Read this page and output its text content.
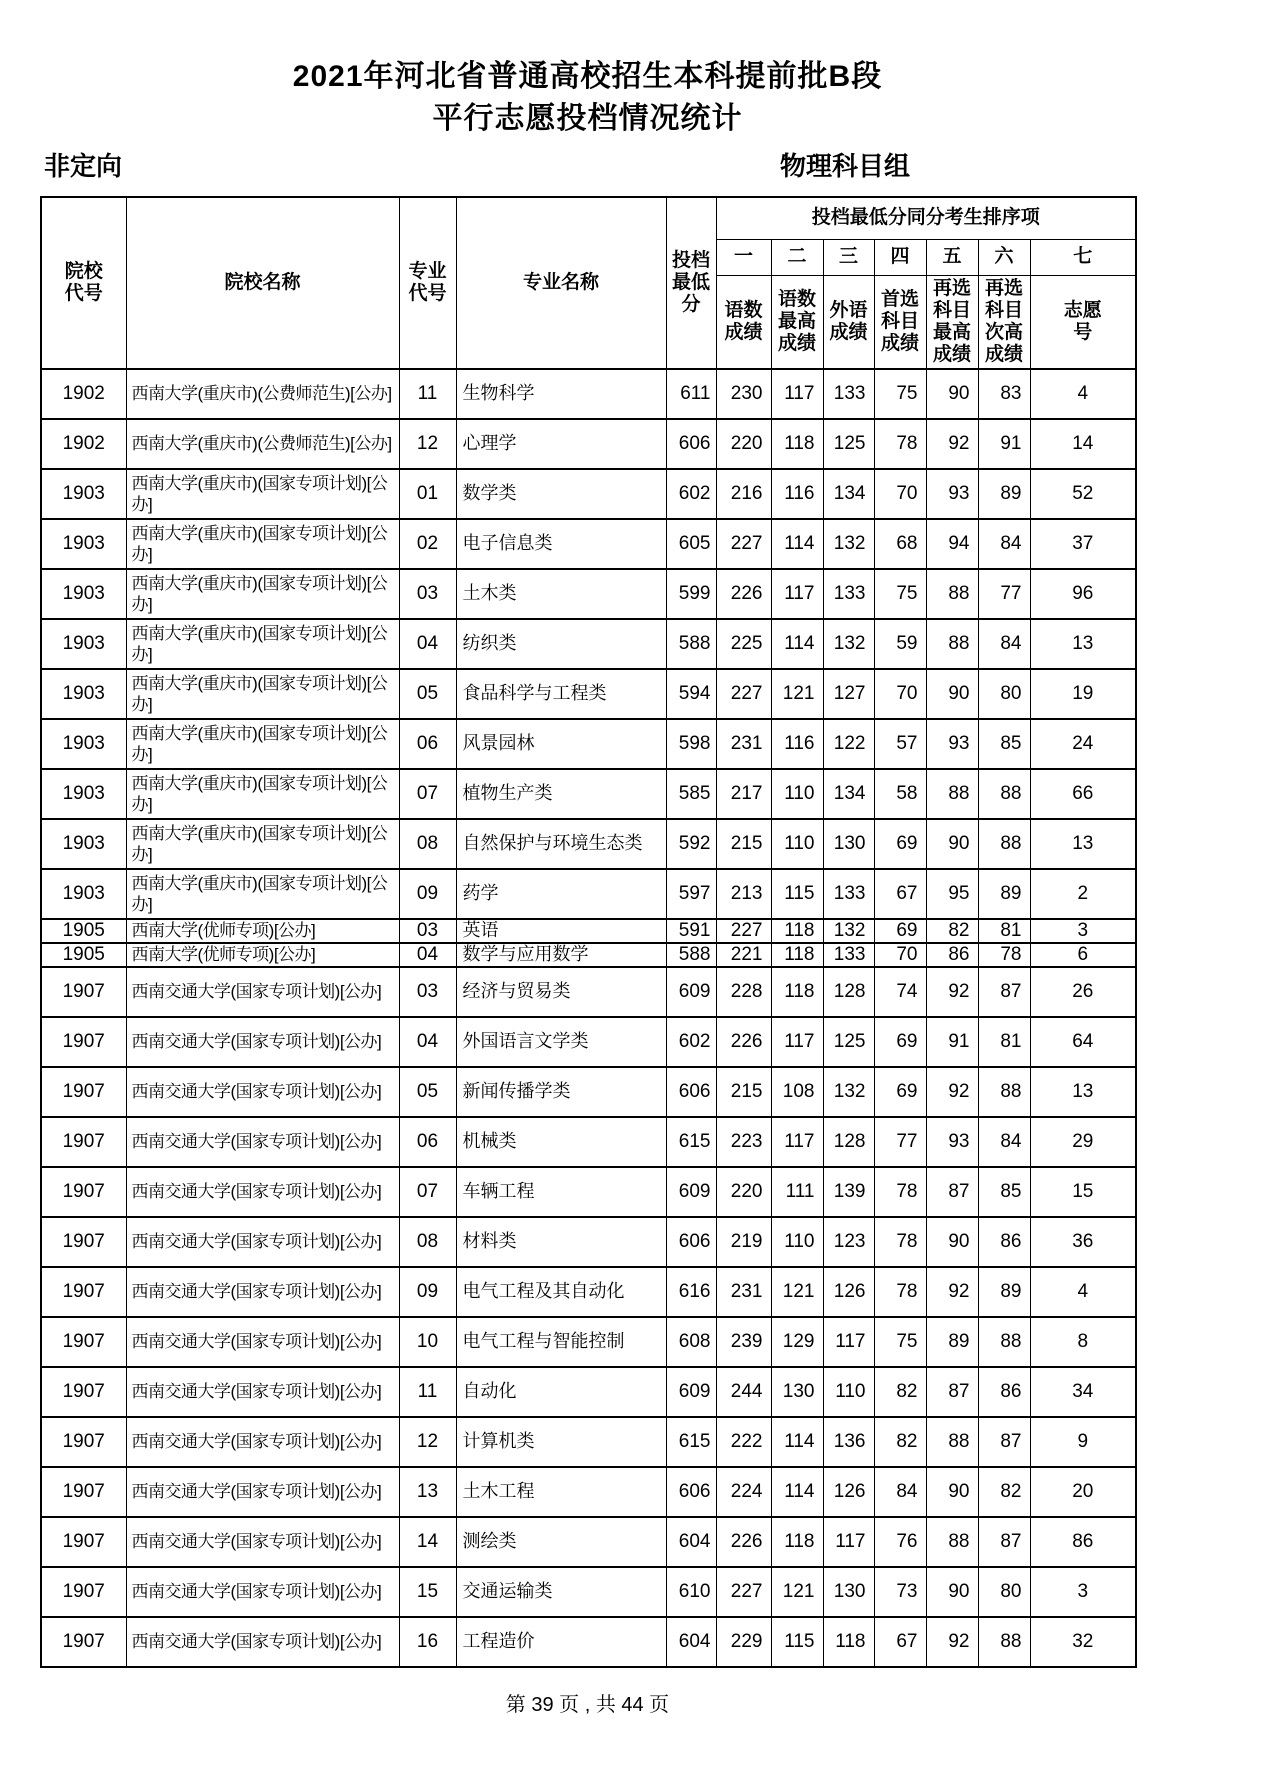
2021年河北省普通高校招生本科提前批B段
平行志愿投档情况统计
非定向	物理科目组
院校代号	院校名称	专业代号	专业名称	投档最低分	投档最低分同分考生排序项						
					一	二	三	四	五	六	七
					语数成绩	语数最高成绩	外语成绩	首选科目成绩	再选科目最高成绩	再选科目次高成绩	志愿号

1902	西南大学(重庆市)(公费师范生)[公办]	11	生物科学	611	230	117	133	75	90	83	4

1902	西南大学(重庆市)(公费师范生)[公办]	12	心理学	606	220	118	125	78	92	91	14

1903	西南大学(重庆市)(国家专项计划)[公办]	01	数学类	602	216	116	134	70	93	89	52

1903	西南大学(重庆市)(国家专项计划)[公办]	02	电子信息类	605	227	114	132	68	94	84	37

1903	西南大学(重庆市)(国家专项计划)[公办]	03	土木类	599	226	117	133	75	88	77	96

1903	西南大学(重庆市)(国家专项计划)[公办]	04	纺织类	588	225	114	132	59	88	84	13

1903	西南大学(重庆市)(国家专项计划)[公办]	05	食品科学与工程类	594	227	121	127	70	90	80	19

1903	西南大学(重庆市)(国家专项计划)[公办]	06	风景园林	598	231	116	122	57	93	85	24

1903	西南大学(重庆市)(国家专项计划)[公办]	07	植物生产类	585	217	110	134	58	88	88	66

1903	西南大学(重庆市)(国家专项计划)[公办]	08	自然保护与环境生态类	592	215	110	130	69	90	88	13

1903	西南大学(重庆市)(国家专项计划)[公办]	09	药学	597	213	115	133	67	95	89	2

1905	西南大学(优师专项)[公办]	03	英语	591	227	118	132	69	82	81	3

1905	西南大学(优师专项)[公办]	04	数学与应用数学	588	221	118	133	70	86	78	6

1907	西南交通大学(国家专项计划)[公办]	03	经济与贸易类	609	228	118	128	74	92	87	26

1907	西南交通大学(国家专项计划)[公办]	04	外国语言文学类	602	226	117	125	69	91	81	64

1907	西南交通大学(国家专项计划)[公办]	05	新闻传播学类	606	215	108	132	69	92	88	13

1907	西南交通大学(国家专项计划)[公办]	06	机械类	615	223	117	128	77	93	84	29

1907	西南交通大学(国家专项计划)[公办]	07	车辆工程	609	220	111	139	78	87	85	15

1907	西南交通大学(国家专项计划)[公办]	08	材料类	606	219	110	123	78	90	86	36

1907	西南交通大学(国家专项计划)[公办]	09	电气工程及其自动化	616	231	121	126	78	92	89	4

1907	西南交通大学(国家专项计划)[公办]	10	电气工程与智能控制	608	239	129	117	75	89	88	8

1907	西南交通大学(国家专项计划)[公办]	11	自动化	609	244	130	110	82	87	86	34

1907	西南交通大学(国家专项计划)[公办]	12	计算机类	615	222	114	136	82	88	87	9

1907	西南交通大学(国家专项计划)[公办]	13	土木工程	606	224	114	126	84	90	82	20

1907	西南交通大学(国家专项计划)[公办]	14	测绘类	604	226	118	117	76	88	87	86

1907	西南交通大学(国家专项计划)[公办]	15	交通运输类	610	227	121	130	73	90	80	3

1907	西南交通大学(国家专项计划)[公办]	16	工程造价	604	229	115	118	67	92	88	32
第 39 页 , 共 44 页
